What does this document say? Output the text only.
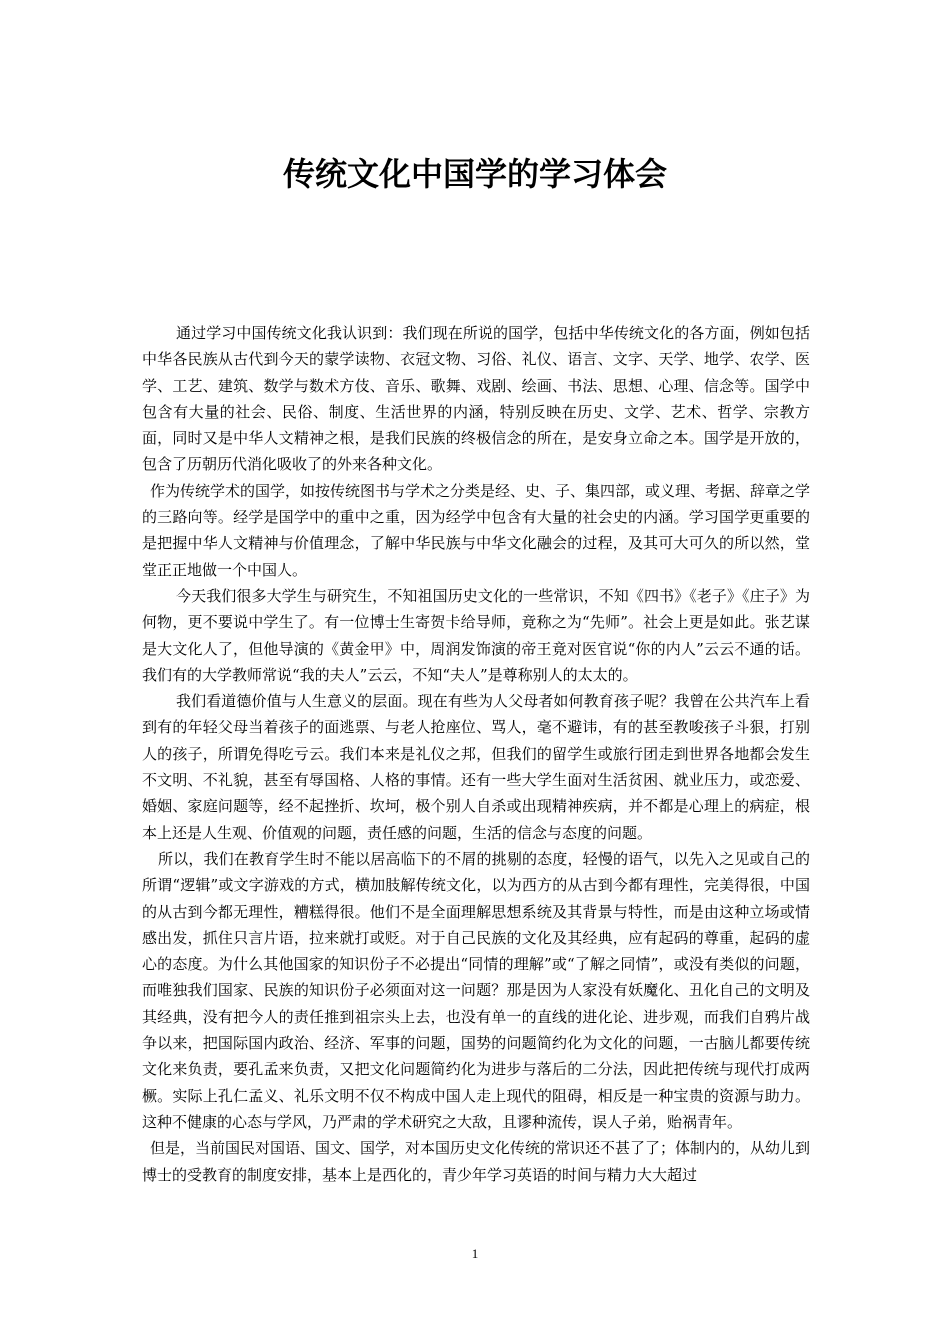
传统文化中国学的学习体会

通过学习中国传统文化我认识到：我们现在所说的国学，包括中华传统文化的各方面，例如包括中华各民族从古代到今天的蒙学读物、衣冠文物、习俗、礼仪、语言、文字、天学、地学、农学、医学、工艺、建筑、数学与数术方伎、音乐、歌舞、戏剧、绘画、书法、思想、心理、信念等。国学中包含有大量的社会、民俗、制度、生活世界的内涵，特别反映在历史、文学、艺术、哲学、宗教方面，同时又是中华人文精神之根，是我们民族的终极信念的所在，是安身立命之本。国学是开放的，包含了历朝历代消化吸收了的外来各种文化。

作为传统学术的国学，如按传统图书与学术之分类是经、史、子、集四部，或义理、考据、辞章之学的三路向等。经学是国学中的重中之重，因为经学中包含有大量的社会史的内涵。学习国学更重要的是把握中华人文精神与价值理念，了解中华民族与中华文化融会的过程，及其可大可久的所以然，堂堂正正地做一个中国人。

今天我们很多大学生与研究生，不知祖国历史文化的一些常识，不知《四书》《老子》《庄子》为何物，更不要说中学生了。有一位博士生寄贺卡给导师，竟称之为“先师”。社会上更是如此。张艺谋是大文化人了，但他导演的《黄金甲》中，周润发饰演的帝王竟对医官说“你的内人”云云不通的话。我们有的大学教师常说“我的夫人”云云，不知“夫人”是尊称别人的太太的。

我们看道德价值与人生意义的层面。现在有些为人父母者如何教育孩子呢？我曾在公共汽车上看到有的年轻父母当着孩子的面逃票、与老人抢座位、骂人，毫不避讳，有的甚至教唆孩子斗狠，打别人的孩子，所谓免得吃亏云。我们本来是礼仪之邦，但我们的留学生或旅行团走到世界各地都会发生不文明、不礼貌，甚至有辱国格、人格的事情。还有一些大学生面对生活贫困、就业压力，或恋爱、婚姻、家庭问题等，经不起挫折、坎坷，极个别人自杀或出现精神疾病，并不都是心理上的病症，根本上还是人生观、价值观的问题，责任感的问题，生活的信念与态度的问题。

所以，我们在教育学生时不能以居高临下的不屑的挑剔的态度，轻慢的语气，以先入之见或自己的所谓“逻辑”或文字游戏的方式，横加肢解传统文化，以为西方的从古到今都有理性，完美得很，中国的从古到今都无理性，糟糕得很。他们不是全面理解思想系统及其背景与特性，而是由这种立场或情感出发，抓住只言片语，拉来就打或贬。对于自己民族的文化及其经典，应有起码的尊重，起码的虚心的态度。为什么其他国家的知识份子不必提出“同情的理解”或“了解之同情”，或没有类似的问题，而唯独我们国家、民族的知识份子必须面对这一问题？那是因为人家没有妖魔化、丑化自己的文明及其经典，没有把今人的责任推到祖宗头上去，也没有单一的直线的进化论、进步观，而我们自鸦片战争以来，把国际国内政治、经济、军事的问题，国势的问题简约化为文化的问题，一古脑儿都要传统文化来负责，要孔孟来负责，又把文化问题简约化为进步与落后的二分法，因此把传统与现代打成两橛。实际上孔仁孟义、礼乐文明不仅不构成中国人走上现代的阻碍，相反是一种宝贵的资源与助力。这种不健康的心态与学风，乃严肃的学术研究之大敌，且谬种流传，误人子弟，贻祸青年。

但是，当前国民对国语、国文、国学，对本国历史文化传统的常识还不甚了了；体制内的，从幼儿到博士的受教育的制度安排，基本上是西化的，青少年学习英语的时间与精力大大超过

1
